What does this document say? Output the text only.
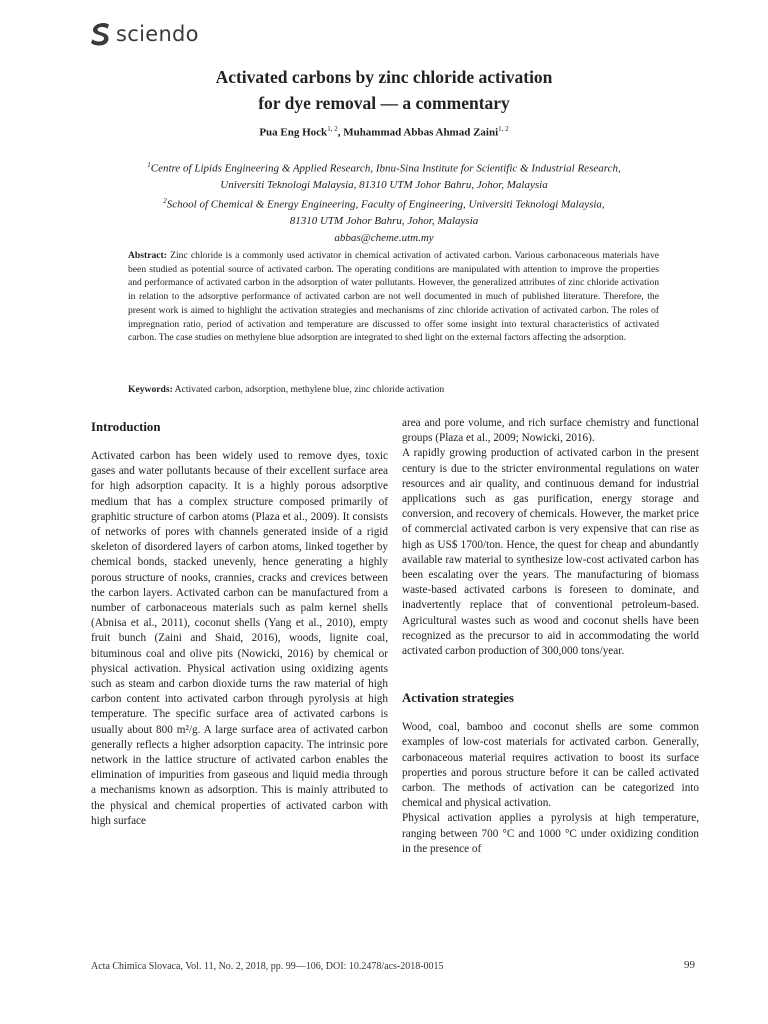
sciendo
Activated carbons by zinc chloride activation
for dye removal — a commentary
Pua Eng Hock$^{1, 2}$, Muhammad Abbas Ahmad Zaini$^{1, 2}$
$^1$Centre of Lipids Engineering & Applied Research, Ibnu-Sina Institute for Scientific & Industrial Research,
Universiti Teknologi Malaysia, 81310 UTM Johor Bahru, Johor, Malaysia
$^2$School of Chemical & Energy Engineering, Faculty of Engineering, Universiti Teknologi Malaysia,
81310 UTM Johor Bahru, Johor, Malaysia
abbas@cheme.utm.my
Abstract: Zinc chloride is a commonly used activator in chemical activation of activated carbon. Various carbonaceous materials have been studied as potential source of activated carbon. The operating conditions are manipulated with attention to improve the properties and performance of activated carbon in the adsorption of water pollutants. However, the generalized attributes of zinc chloride activation in relation to the adsorptive performance of activated carbon are not well documented in much of published literature. Therefore, the present work is aimed to highlight the activation strategies and mechanisms of zinc chloride activation of activated carbon. The roles of impregnation ratio, period of activation and temperature are discussed to offer some insight into textural characteristics of activated carbon. The case studies on methylene blue adsorption are integrated to shed light on the external factors affecting the adsorption.
Keywords: Activated carbon, adsorption, methylene blue, zinc chloride activation
Introduction

Activated carbon has been widely used to remove dyes, toxic gases and water pollutants because of their excellent surface area for high adsorption capacity. It is a highly porous adsorptive medium that has a complex structure composed primarily of graphitic structure of carbon atoms (Plaza et al., 2009). It consists of networks of pores with channels generated inside of a rigid skeleton of disordered layers of carbon atoms, linked together by chemical bonds, stacked unevenly, hence generating a highly porous structure of nooks, crannies, cracks and crevices between the carbon layers. Activated carbon can be manufactured from a number of carbonaceous materials such as palm kernel shells (Abnisa et al., 2011), coconut shells (Yang et al., 2010), empty fruit bunch (Zaini and Shaid, 2016), woods, lignite coal, bituminous coal and olive pits (Nowicki, 2016) by chemical or physical activation. Physical activation using oxidizing agents such as steam and carbon dioxide turns the raw material of high carbon content into activated carbon through pyrolysis at high temperature. The specific surface area of activated carbons is usually about 800 m²/g. A large surface area of activated carbon generally reflects a higher adsorption capacity. The intrinsic pore network in the lattice structure of activated carbon enables the elimination of impurities from gaseous and liquid media through a mechanisms known as adsorption. This is mainly attributed to the physical and chemical properties of activated carbon with high surface

area and pore volume, and rich surface chemistry and functional groups (Plaza et al., 2009; Nowicki, 2016).

A rapidly growing production of activated carbon in the present century is due to the stricter environmental regulations on water resources and air quality, and continuous demand for industrial applications such as gas purification, energy storage and conversion, and recovery of chemicals. However, the market price of commercial activated carbon is very expensive that can rise as high as US$ 1700/ton. Hence, the quest for cheap and abundantly available raw material to synthesize low-cost activated carbon has been escalating over the years. The manufacturing of biomass waste-based activated carbons is foreseen to dominate, and inadvertently replace that of conventional petroleum-based. Agricultural wastes such as wood and coconut shells have been recognized as the precursor to aid in accommodating the world activated carbon production of 300,000 tons/year.

Activation strategies

Wood, coal, bamboo and coconut shells are some common examples of low-cost materials for activated carbon. Generally, carbonaceous material requires activation to boost its surface properties and porous structure before it can be called activated carbon. The methods of activation can be categorized into chemical and physical activation.

Physical activation applies a pyrolysis at high temperature, ranging between 700 °C and 1000 °C under oxidizing condition in the presence of

Acta Chimica Slovaca, Vol. 11, No. 2, 2018, pp. 99—106, DOI: 10.2478/acs-2018-0015	99
